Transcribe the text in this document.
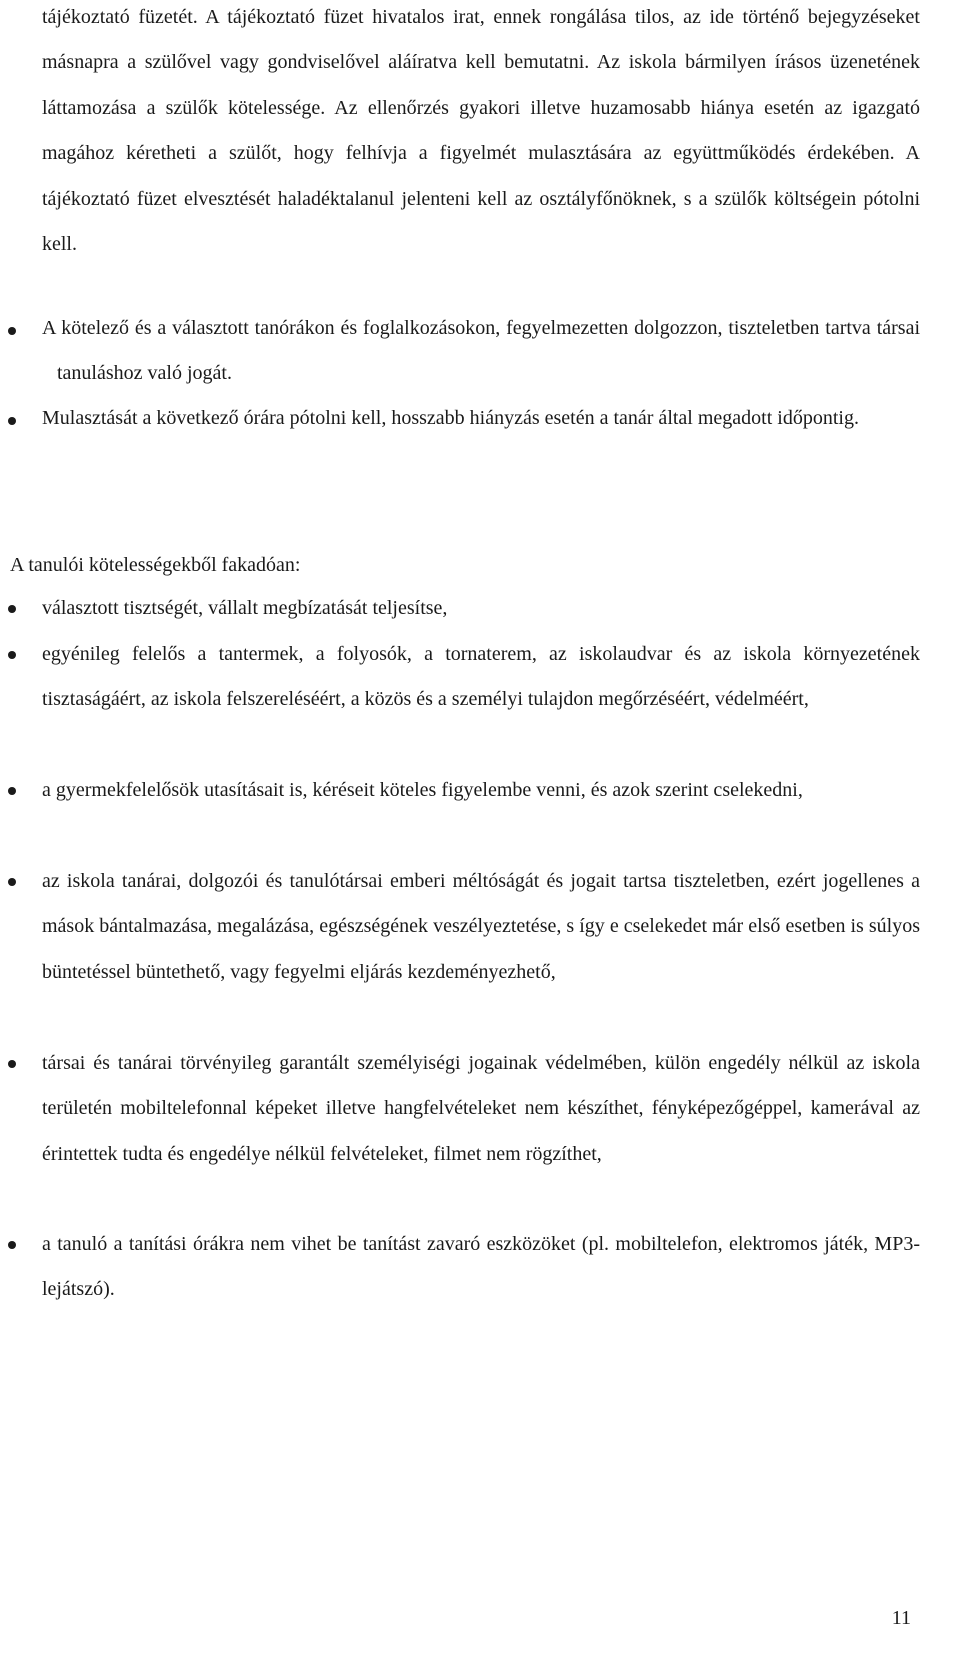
tájékoztató füzetét. A tájékoztató füzet hivatalos irat, ennek rongálása tilos, az ide történő bejegyzéseket másnapra a szülővel vagy gondviselővel aláíratva kell bemutatni. Az iskola bármilyen írásos üzenetének láttamozása a szülők kötelessége. Az ellenőrzés gyakori illetve huzamosabb hiánya esetén az igazgató magához kéretheti a szülőt, hogy felhívja a figyelmét mulasztására az együttműködés érdekében. A tájékoztató füzet elvesztését haladéktalanul jelenteni kell az osztályfőnöknek, s a szülők költségein pótolni kell.

A kötelező és a választott tanórákon és foglalkozásokon, fegyelmezetten dolgozzon, tiszteletben tartva társai tanuláshoz való jogát.

Mulasztását a következő órára pótolni kell, hosszabb hiányzás esetén a tanár által megadott időpontig.

A tanulói kötelességekből fakadóan:

választott tisztségét, vállalt megbízatását teljesítse,

egyénileg felelős a tantermek, a folyosók, a tornaterem, az iskolaudvar és az iskola környezetének tisztaságáért, az iskola felszereléséért, a közös és a személyi tulajdon megőrzéséért, védelméért,

a gyermekfelelősök utasításait is, kéréseit köteles figyelembe venni, és azok szerint cselekedni,

az iskola tanárai, dolgozói és tanulótársai emberi méltóságát és jogait tartsa tiszteletben, ezért jogellenes a mások bántalmazása, megalázása, egészségének veszélyeztetése, s így e cselekedet már első esetben is súlyos büntetéssel büntethető, vagy fegyelmi eljárás kezdeményezhető,

társai és tanárai törvényileg garantált személyiségi jogainak védelmében, külön engedély nélkül az iskola területén mobiltelefonnal képeket illetve hangfelvételeket nem készíthet, fényképezőgéppel, kamerával az érintettek tudta és engedélye nélkül felvételeket, filmet nem rögzíthet,

a tanuló a tanítási órákra nem vihet be tanítást zavaró eszközöket (pl. mobiltelefon, elektromos játék, MP3-lejátszó).

11
